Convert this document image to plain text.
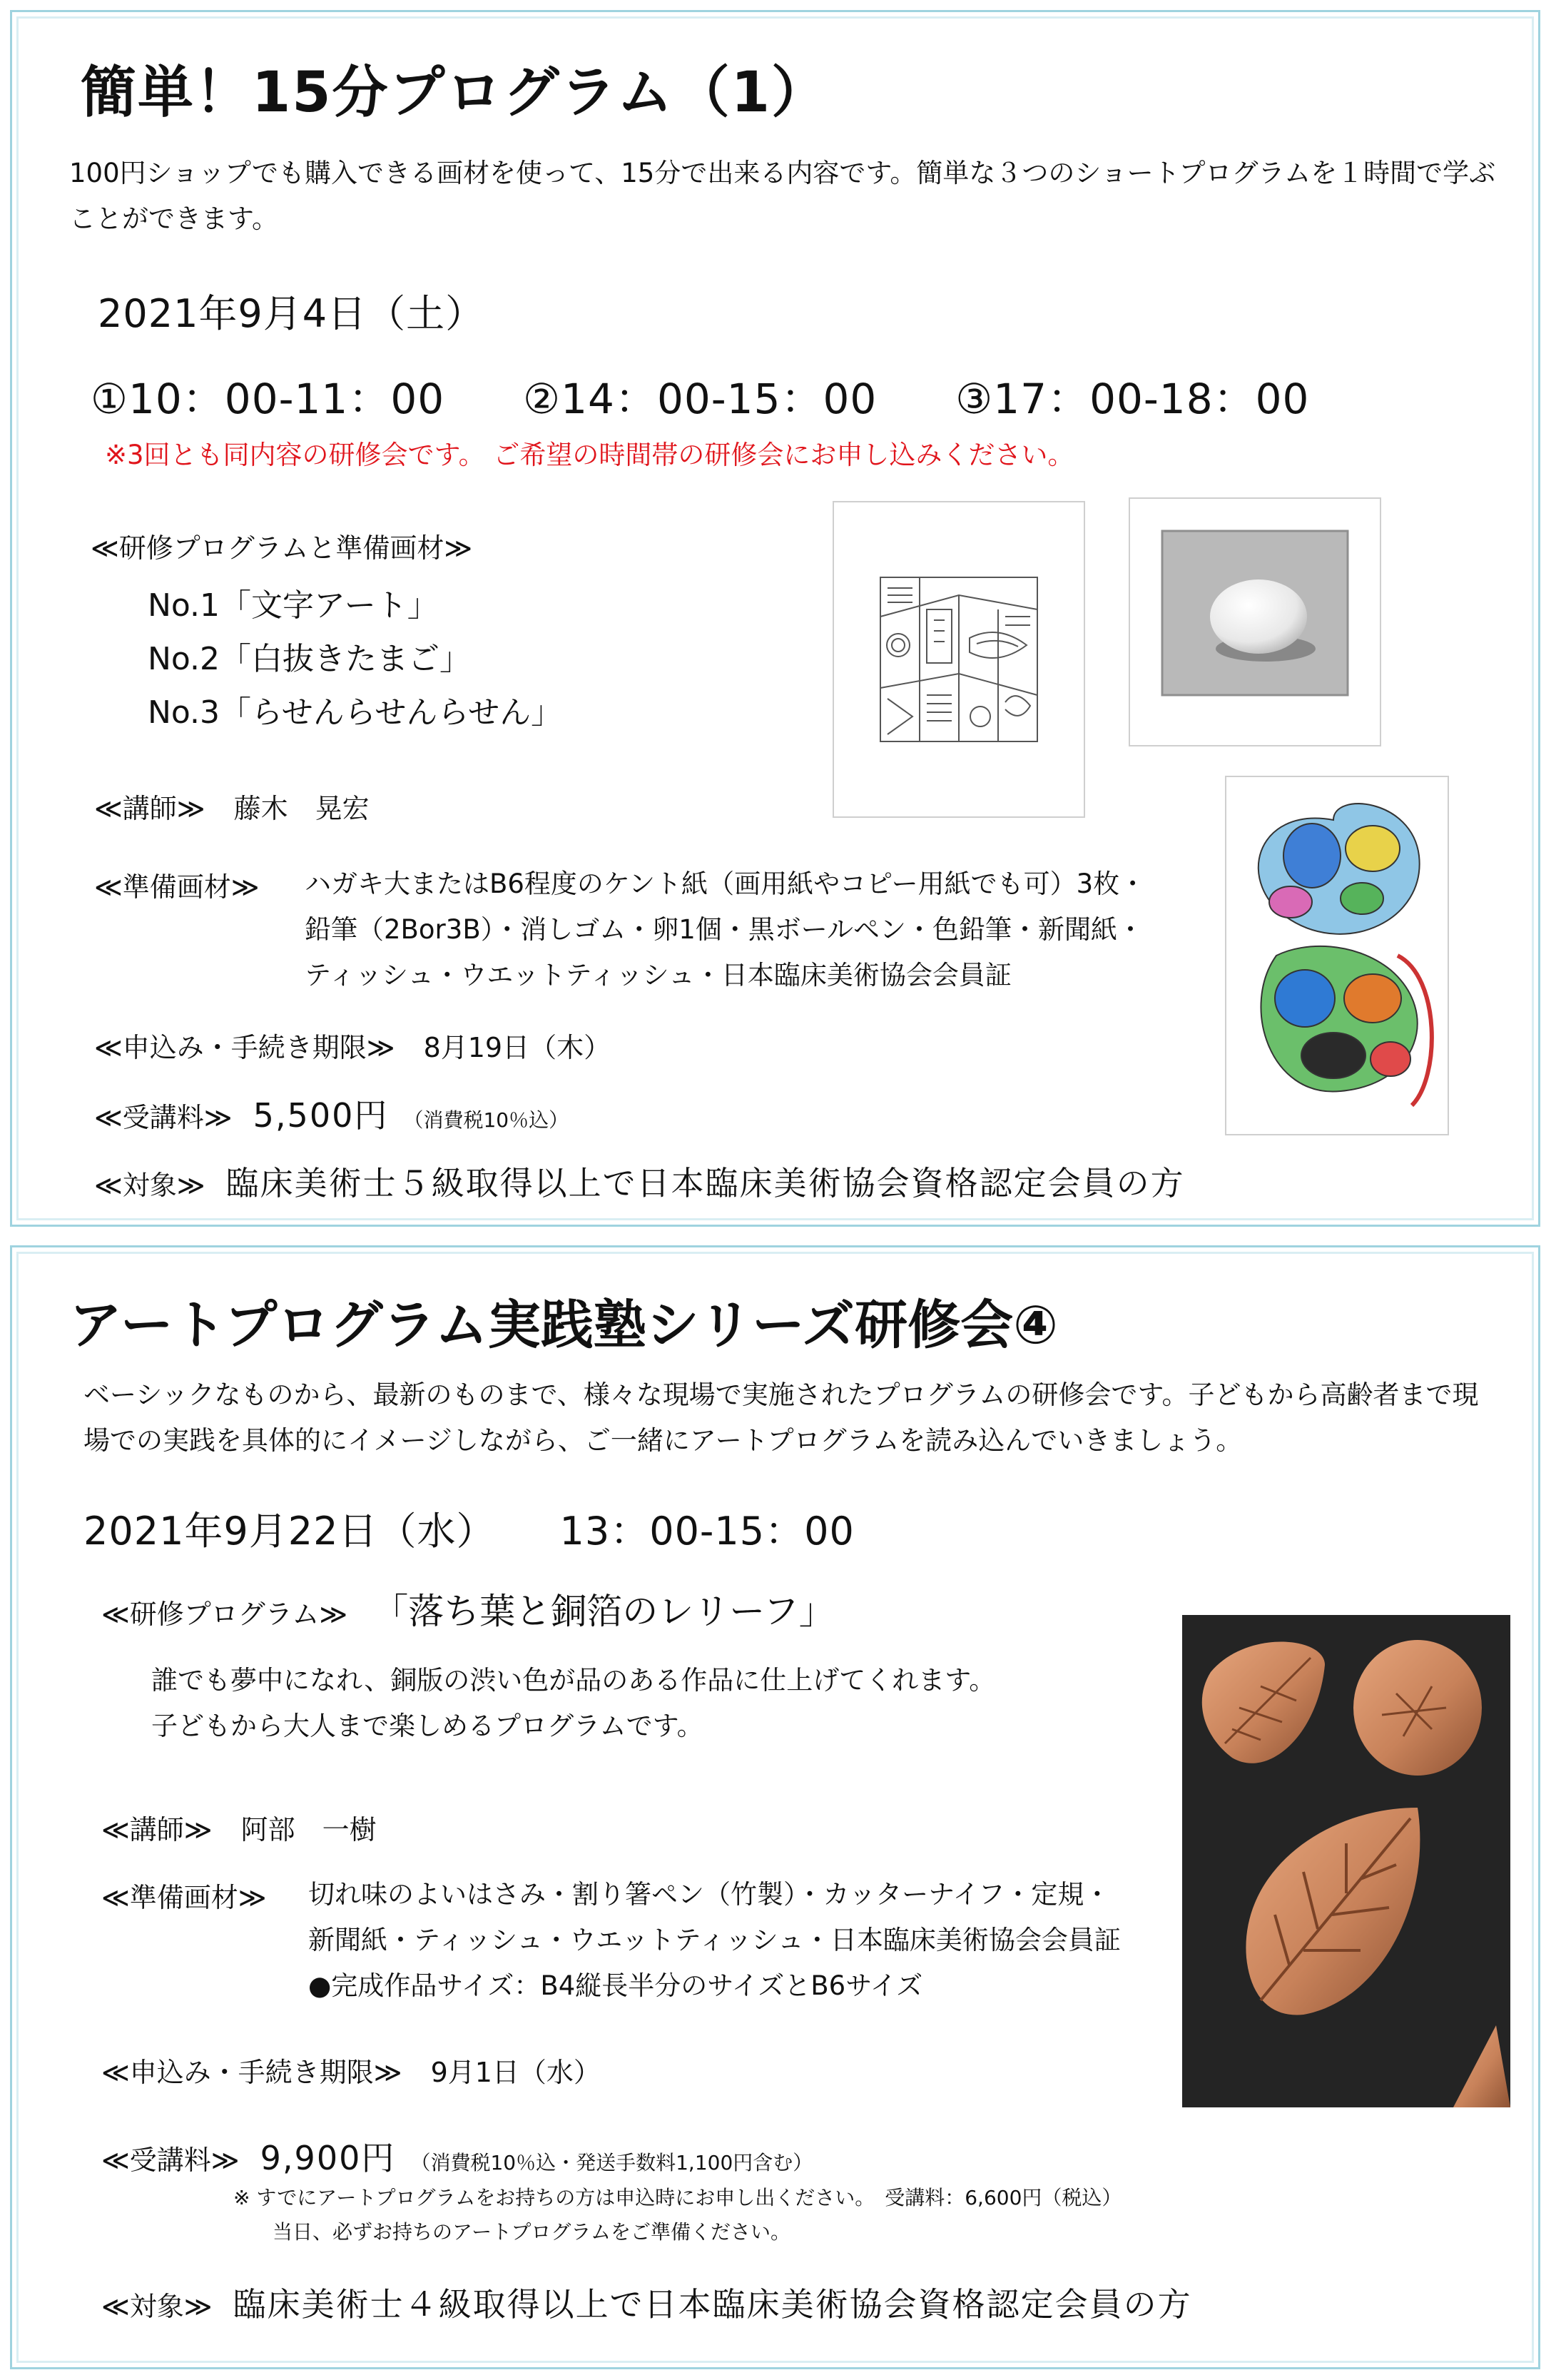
簡単！15分プログラム（1）
100円ショップでも購入できる画材を使って、15分で出来る内容です。簡単な３つのショートプログラムを１時間で学ぶことができます。
2021年9月4日（土）
①10：00-11：00 ②14：00-15：00 ③17：00-18：00
※3回とも同内容の研修会です。 ご希望の時間帯の研修会にお申し込みください。
≪研修プログラムと準備画材≫
No.1「文字アート」
No.2「白抜きたまご」
No.3「らせんらせんらせん」
≪講師≫ 藤木　晃宏
≪準備画材≫ ハガキ大またはB6程度のケント紙（画用紙やコピー用紙でも可）3枚・
鉛筆（2Bor3B）・消しゴム・卵1個・黒ボールペン・色鉛筆・新聞紙・
ティッシュ・ウエットティッシュ・日本臨床美術協会会員証
≪申込み・手続き期限≫ 8月19日（木）
≪受講料≫ 5,500円 （消費税10％込）
≪対象≫ 臨床美術士５級取得以上で日本臨床美術協会資格認定会員の方
アートプログラム実践塾シリーズ研修会④
ベーシックなものから、最新のものまで、様々な現場で実施されたプログラムの研修会です。子どもから高齢者まで現場での実践を具体的にイメージしながら、ご一緒にアートプログラムを読み込んでいきましょう。
2021年9月22日（水） 13：00-15：00
≪研修プログラム≫ 「落ち葉と銅箔のレリーフ」
誰でも夢中になれ、銅版の渋い色が品のある作品に仕上げてくれます。
子どもから大人まで楽しめるプログラムです。
≪講師≫ 阿部　一樹
≪準備画材≫ 切れ味のよいはさみ・割り箸ペン（竹製）・カッターナイフ・定規・
新聞紙・ティッシュ・ウエットティッシュ・日本臨床美術協会会員証
●完成作品サイズ：B4縦長半分のサイズとB6サイズ
≪申込み・手続き期限≫ 9月1日（水）
≪受講料≫ 9,900円 （消費税10％込・発送手数料1,100円含む）
※ すでにアートプログラムをお持ちの方は申込時にお申し出ください。　受講料：6,600円（税込）
当日、必ずお持ちのアートプログラムをご準備ください。
≪対象≫ 臨床美術士４級取得以上で日本臨床美術協会資格認定会員の方
